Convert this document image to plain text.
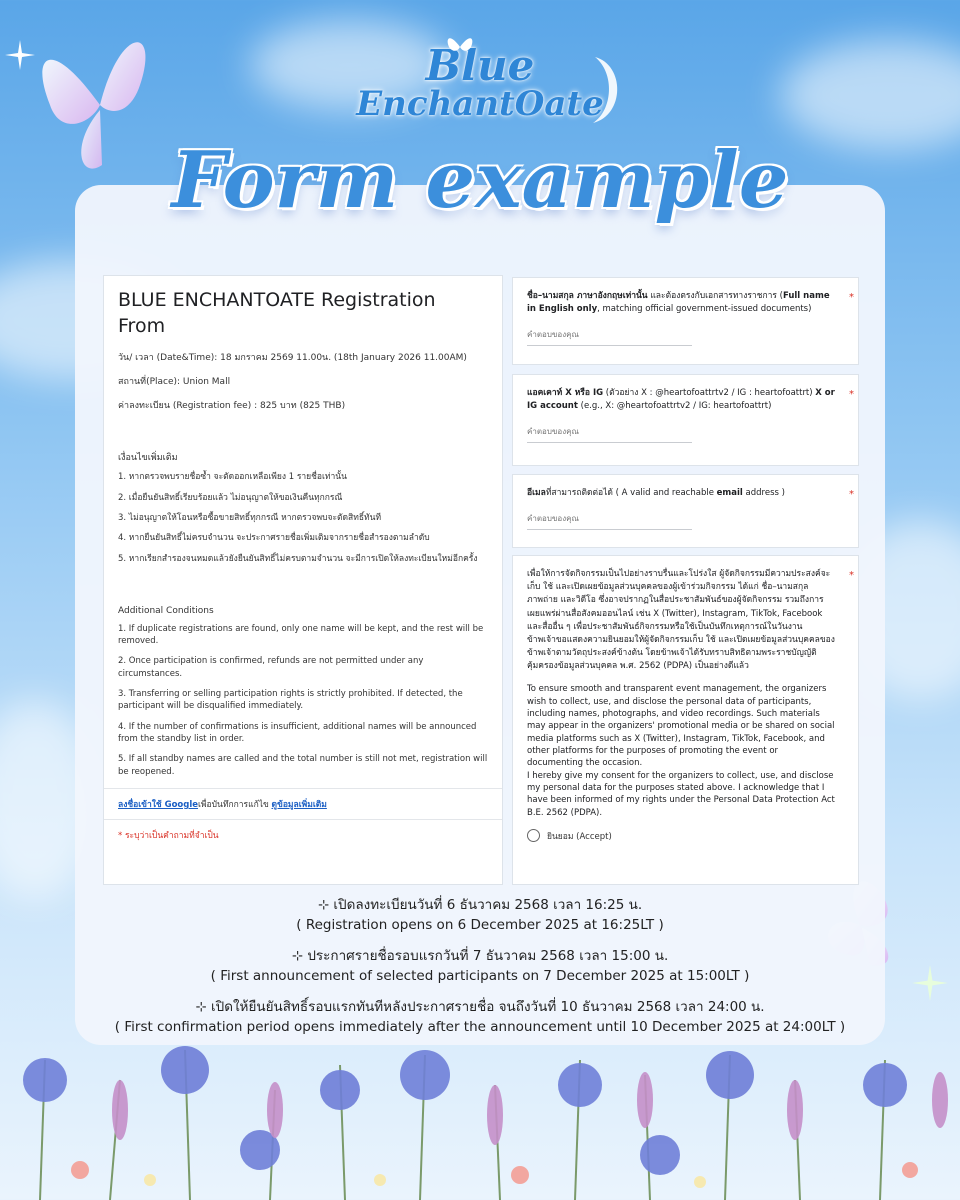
Blue
EnchantOate
Form example
BLUE ENCHANTOATE Registration From
วัน/ เวลา (Date&Time): 18 มกราคม 2569 11.00น. (18th January 2026 11.00AM)
สถานที่(Place): Union Mall
ค่าลงทะเบียน (Registration fee) : 825 บาท (825 THB)
เงื่อนไขเพิ่มเติม
1. หากตรวจพบรายชื่อซ้ำ จะตัดออกเหลือเพียง 1 รายชื่อเท่านั้น
2. เมื่อยืนยันสิทธิ์เรียบร้อยแล้ว ไม่อนุญาตให้ขอเงินคืนทุกกรณี
3. ไม่อนุญาตให้โอนหรือซื้อขายสิทธิ์ทุกกรณี หากตรวจพบจะตัดสิทธิ์ทันที
4. หากยืนยันสิทธิ์ไม่ครบจำนวน จะประกาศรายชื่อเพิ่มเติมจากรายชื่อสำรองตามลำดับ
5. หากเรียกสำรองจนหมดแล้วยังยืนยันสิทธิ์ไม่ครบตามจำนวน จะมีการเปิดให้ลงทะเบียนใหม่อีกครั้ง
Additional Conditions
1. If duplicate registrations are found, only one name will be kept, and the rest will be removed.
2. Once participation is confirmed, refunds are not permitted under any circumstances.
3. Transferring or selling participation rights is strictly prohibited. If detected, the participant will be disqualified immediately.
4. If the number of confirmations is insufficient, additional names will be announced from the standby list in order.
5. If all standby names are called and the total number is still not met, registration will be reopened.
ลงชื่อเข้าใช้ Googleเพื่อบันทึกการแก้ไข ดูข้อมูลเพิ่มเติม
* ระบุว่าเป็นคำถามที่จำเป็น
ชื่อ–นามสกุล ภาษาอังกฤษเท่านั้น และต้องตรงกับเอกสารทางราชการ (Full name in English only, matching official government-issued documents)
*
คำตอบของคุณ
แอคเคาท์ X หรือ IG (ตัวอย่าง X : @heartofoattrtv2 / IG : heartofoattrt) X or IG account (e.g., X: @heartofoattrtv2 / IG: heartofoattrt)
*
คำตอบของคุณ
อีเมลที่สามารถติดต่อได้ ( A valid and reachable email address )	*
คำตอบของคุณ
*
เพื่อให้การจัดกิจกรรมเป็นไปอย่างราบรื่นและโปร่งใส ผู้จัดกิจกรรมมีความประสงค์จะเก็บ ใช้ และเปิดเผยข้อมูลส่วนบุคคลของผู้เข้าร่วมกิจกรรม ได้แก่ ชื่อ–นามสกุล ภาพถ่าย และวิดีโอ ซึ่งอาจปรากฏในสื่อประชาสัมพันธ์ของผู้จัดกิจกรรม รวมถึงการเผยแพร่ผ่านสื่อสังคมออนไลน์ เช่น X (Twitter), Instagram, TikTok, Facebook และสื่ออื่น ๆ เพื่อประชาสัมพันธ์กิจกรรมหรือใช้เป็นบันทึกเหตุการณ์ในวันงาน
ข้าพเจ้าขอแสดงความยินยอมให้ผู้จัดกิจกรรมเก็บ ใช้ และเปิดเผยข้อมูลส่วนบุคคลของข้าพเจ้าตามวัตถุประสงค์ข้างต้น โดยข้าพเจ้าได้รับทราบสิทธิตามพระราชบัญญัติคุ้มครองข้อมูลส่วนบุคคล พ.ศ. 2562 (PDPA) เป็นอย่างดีแล้ว
To ensure smooth and transparent event management, the organizers wish to collect, use, and disclose the personal data of participants, including names, photographs, and video recordings. Such materials may appear in the organizers' promotional media or be shared on social media platforms such as X (Twitter), Instagram, TikTok, Facebook, and other platforms for the purposes of promoting the event or documenting the occasion.
I hereby give my consent for the organizers to collect, use, and disclose my personal data for the purposes stated above. I acknowledge that I have been informed of my rights under the Personal Data Protection Act B.E. 2562 (PDPA).
ยินยอม (Accept)
⊹ เปิดลงทะเบียนวันที่ 6 ธันวาคม 2568 เวลา 16:25 น.
( Registration opens on 6 December 2025 at 16:25LT )
⊹ ประกาศรายชื่อรอบแรกวันที่ 7 ธันวาคม 2568 เวลา 15:00 น.
( First announcement of selected participants on 7 December 2025 at 15:00LT )
⊹ เปิดให้ยืนยันสิทธิ์รอบแรกทันทีหลังประกาศรายชื่อ จนถึงวันที่ 10 ธันวาคม 2568 เวลา 24:00 น.
( First confirmation period opens immediately after the announcement until 10 December 2025 at 24:00LT )
